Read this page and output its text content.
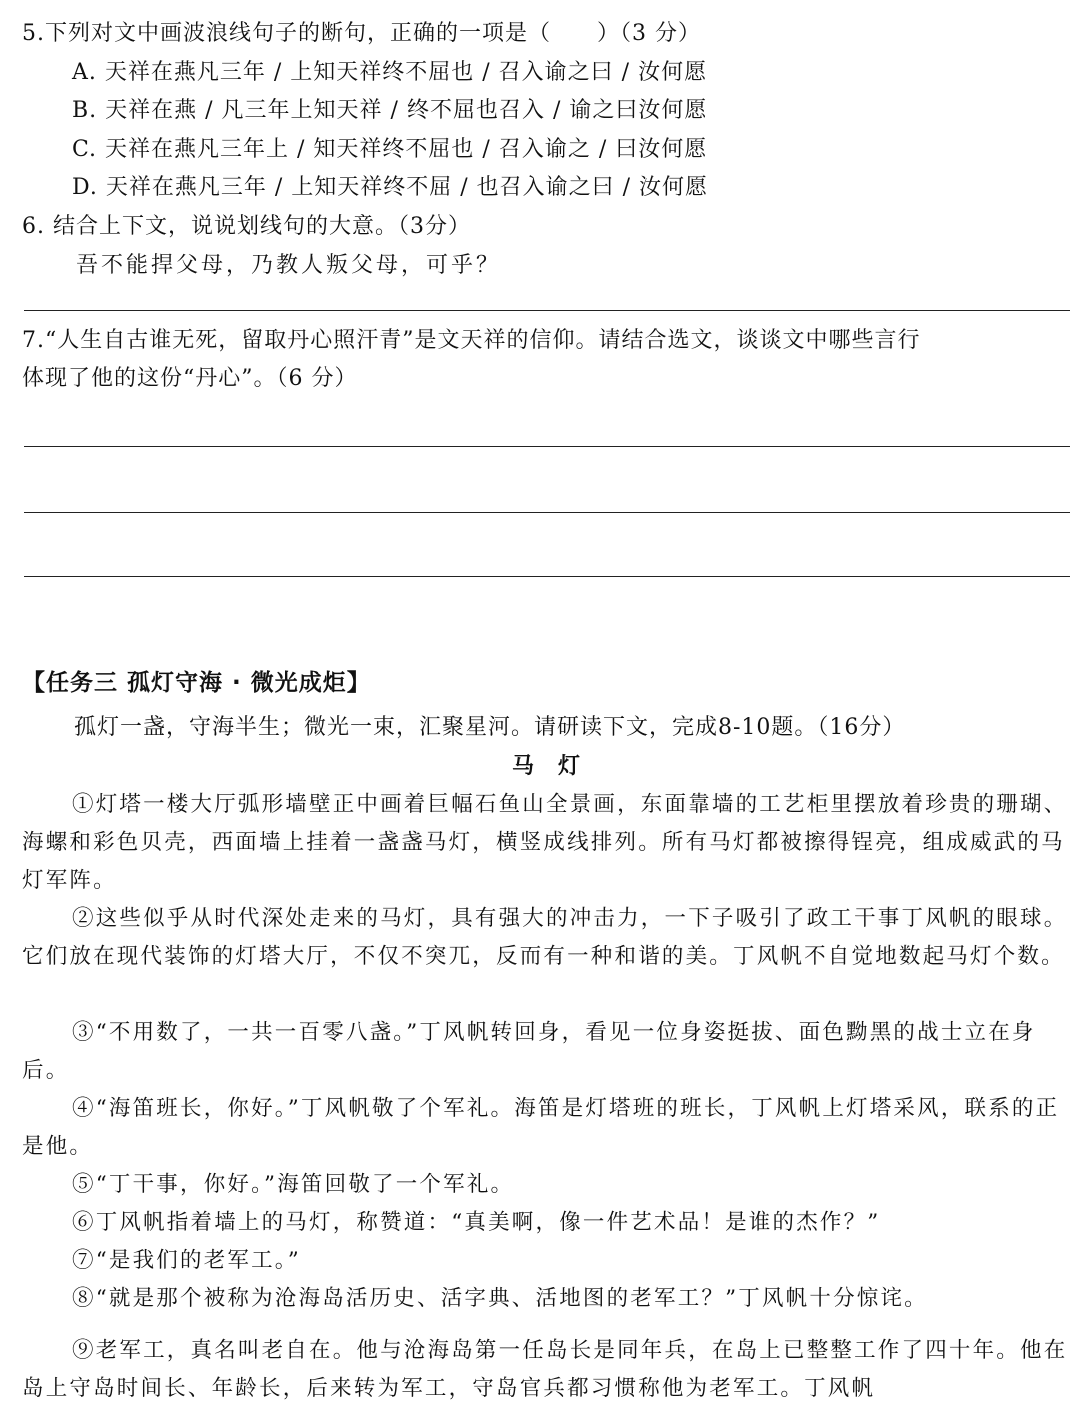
5.下列对文中画波浪线句子的断句，正确的一项是（　　）（3 分）
A. 天祥在燕凡三年 / 上知天祥终不屈也 / 召入谕之曰 / 汝何愿
B. 天祥在燕 / 凡三年上知天祥 / 终不屈也召入 / 谕之曰汝何愿
C. 天祥在燕凡三年上 / 知天祥终不屈也 / 召入谕之 / 曰汝何愿
D. 天祥在燕凡三年 / 上知天祥终不屈 / 也召入谕之曰 / 汝何愿
6. 结合上下文，说说划线句的大意。（3分）
吾不能捍父母，乃教人叛父母，可乎？
7.“人生自古谁无死，留取丹心照汗青”是文天祥的信仰。请结合选文，谈谈文中哪些言行
体现了他的这份“丹心”。（6 分）
【任务三 孤灯守海 · 微光成炬】
孤灯一盏，守海半生；微光一束，汇聚星河。请研读下文，完成8-10题。（16分）
马　灯
①灯塔一楼大厅弧形墙壁正中画着巨幅石鱼山全景画，东面靠墙的工艺柜里摆放着珍贵的珊瑚、海螺和彩色贝壳，西面墙上挂着一盏盏马灯，横竖成线排列。所有马灯都被擦得锃亮，组成威武的马灯军阵。
②这些似乎从时代深处走来的马灯，具有强大的冲击力，一下子吸引了政工干事丁风帆的眼球。它们放在现代装饰的灯塔大厅，不仅不突兀，反而有一种和谐的美。丁风帆不自觉地数起马灯个数。
③“不用数了，一共一百零八盏。”丁风帆转回身，看见一位身姿挺拔、面色黝黑的战士立在身后。
④“海笛班长，你好。”丁风帆敬了个军礼。海笛是灯塔班的班长，丁风帆上灯塔采风，联系的正是他。
⑤“丁干事，你好。”海笛回敬了一个军礼。
⑥丁风帆指着墙上的马灯，称赞道：“真美啊，像一件艺术品！是谁的杰作？”
⑦“是我们的老军工。”
⑧“就是那个被称为沧海岛活历史、活字典、活地图的老军工？”丁风帆十分惊诧。
⑨老军工，真名叫老自在。他与沧海岛第一任岛长是同年兵，在岛上已整整工作了四十年。他在岛上守岛时间长、年龄长，后来转为军工，守岛官兵都习惯称他为老军工。丁风帆
